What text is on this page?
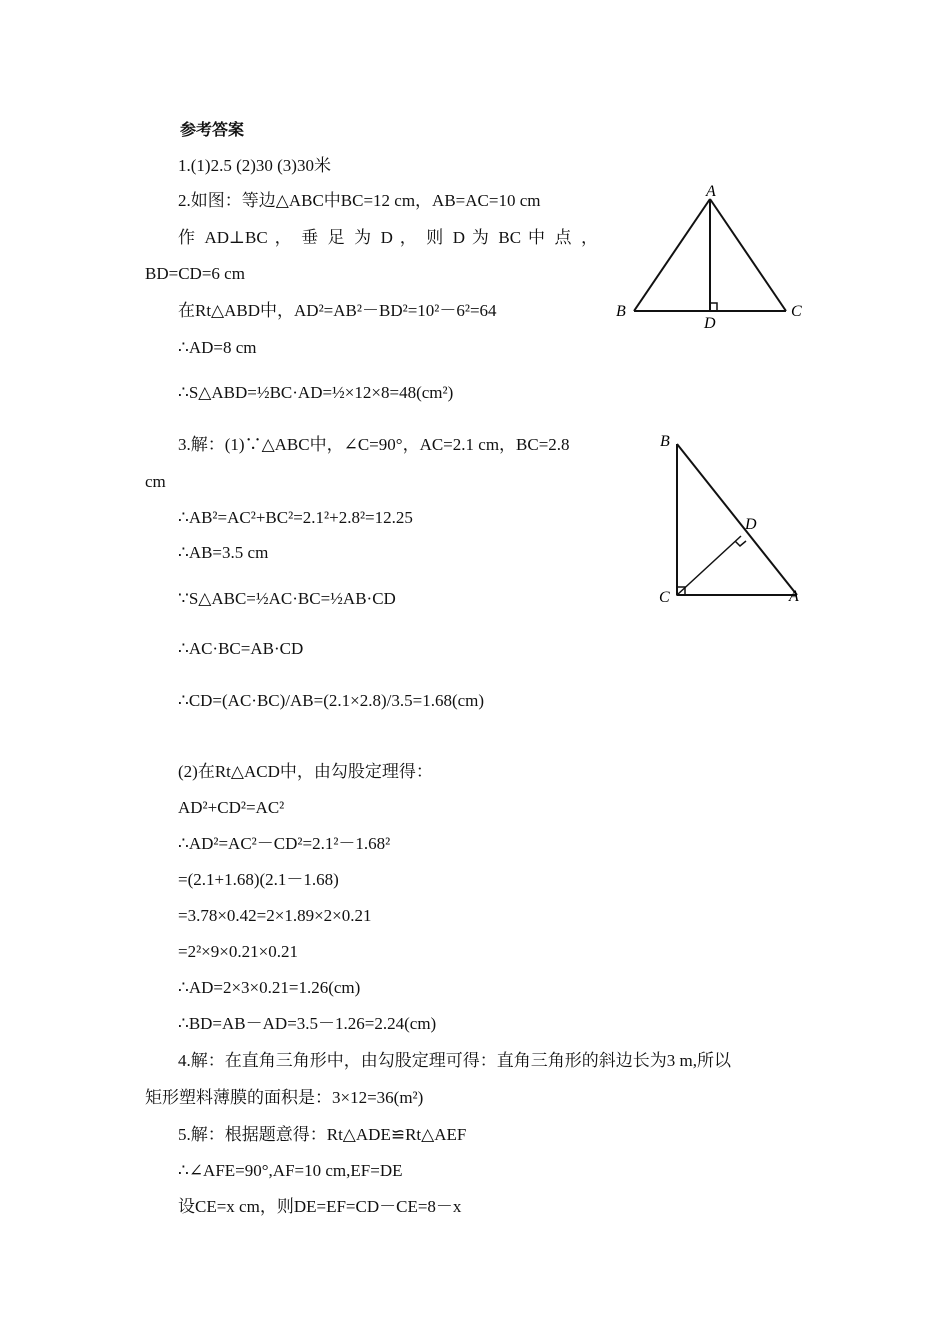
参考答案
1.(1)2.5 (2)30 (3)30米
2.如图：等边△ABC中BC=12 cm，AB=AC=10 cm
作 AD⊥BC ， 垂 足 为 D ， 则 D 为 BC 中 点 ，
BD=CD=6 cm
在Rt△ABD中，AD²=AB²－BD²=10²－6²=64
∴AD=8 cm
∴S△ABD=½BC·AD=½×12×8=48(cm²)
3.解：(1)∵△ABC中，∠C=90°，AC=2.1 cm，BC=2.8
cm
∴AB²=AC²+BC²=2.1²+2.8²=12.25
∴AB=3.5 cm
∵S△ABC=½AC·BC=½AB·CD
∴AC·BC=AB·CD
∴CD=(AC·BC)/AB=(2.1×2.8)/3.5=1.68(cm)
(2)在Rt△ACD中，由勾股定理得：
AD²+CD²=AC²
∴AD²=AC²－CD²=2.1²－1.68²
=(2.1+1.68)(2.1－1.68)
=3.78×0.42=2×1.89×2×0.21
=2²×9×0.21×0.21
∴AD=2×3×0.21=1.26(cm)
∴BD=AB－AD=3.5－1.26=2.24(cm)
4.解：在直角三角形中，由勾股定理可得：直角三角形的斜边长为3 m,所以
矩形塑料薄膜的面积是：3×12=36(m²)
5.解：根据题意得：Rt△ADE≌Rt△AEF
∴∠AFE=90°,AF=10 cm,EF=DE
设CE=x cm，则DE=EF=CD－CE=8－x
A
B
D
C
B
D
C	A
